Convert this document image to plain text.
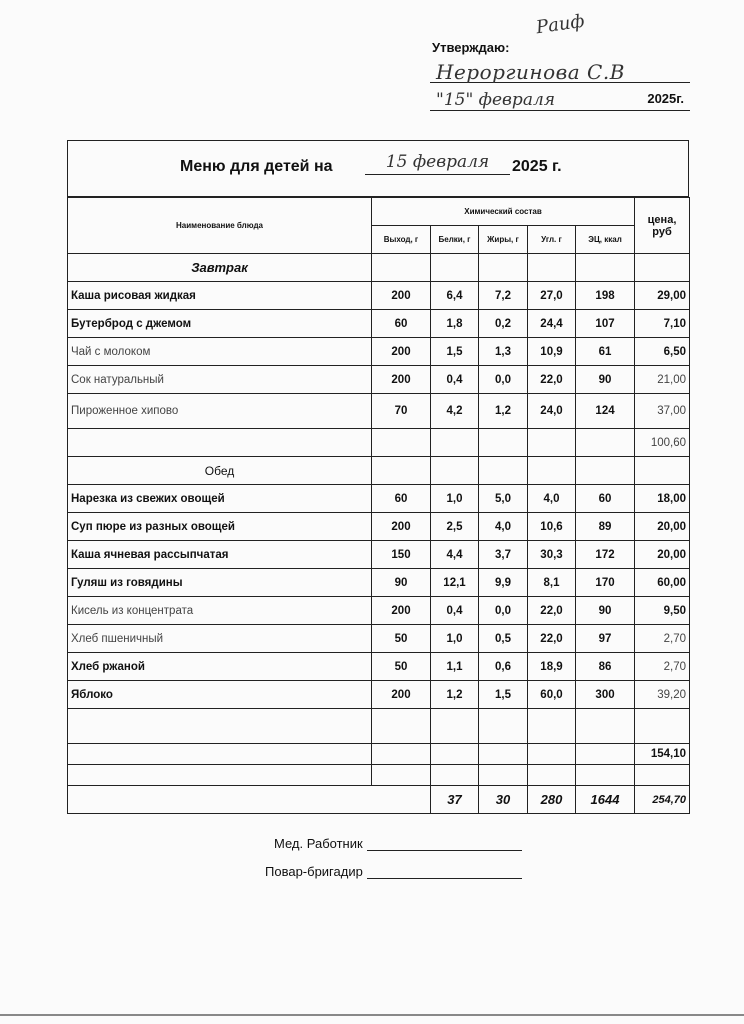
Раиф
Утверждаю:
Нероргинова С.В
"15" февраля	2025г.
Меню для детей на	15 февраля	2025 г.
Наименование блюда	Химический состав					цена, руб
	Выход, г	Белки, г	Жиры, г	Угл. г	ЭЦ, ккал	
Завтрак						
Каша рисовая жидкая	200	6,4	7,2	27,0	198	29,00
Бутерброд с джемом	60	1,8	0,2	24,4	107	7,10
Чай с молоком	200	1,5	1,3	10,9	61	6,50
Сок натуральный	200	0,4	0,0	22,0	90	21,00
Пироженное хипово	70	4,2	1,2	24,0	124	37,00
						100,60
Обед						
Нарезка из свежих овощей	60	1,0	5,0	4,0	60	18,00
Суп пюре из разных овощей	200	2,5	4,0	10,6	89	20,00
Каша ячневая рассыпчатая	150	4,4	3,7	30,3	172	20,00
Гуляш из говядины	90	12,1	9,9	8,1	170	60,00
Кисель из концентрата	200	0,4	0,0	22,0	90	9,50
Хлеб пшеничный	50	1,0	0,5	22,0	97	2,70
Хлеб ржаной	50	1,1	0,6	18,9	86	2,70
Яблоко	200	1,2	1,5	60,0	300	39,20

						154,10

		37	30	280	1644	254,70
Мед. Работник
Повар-бригадир
